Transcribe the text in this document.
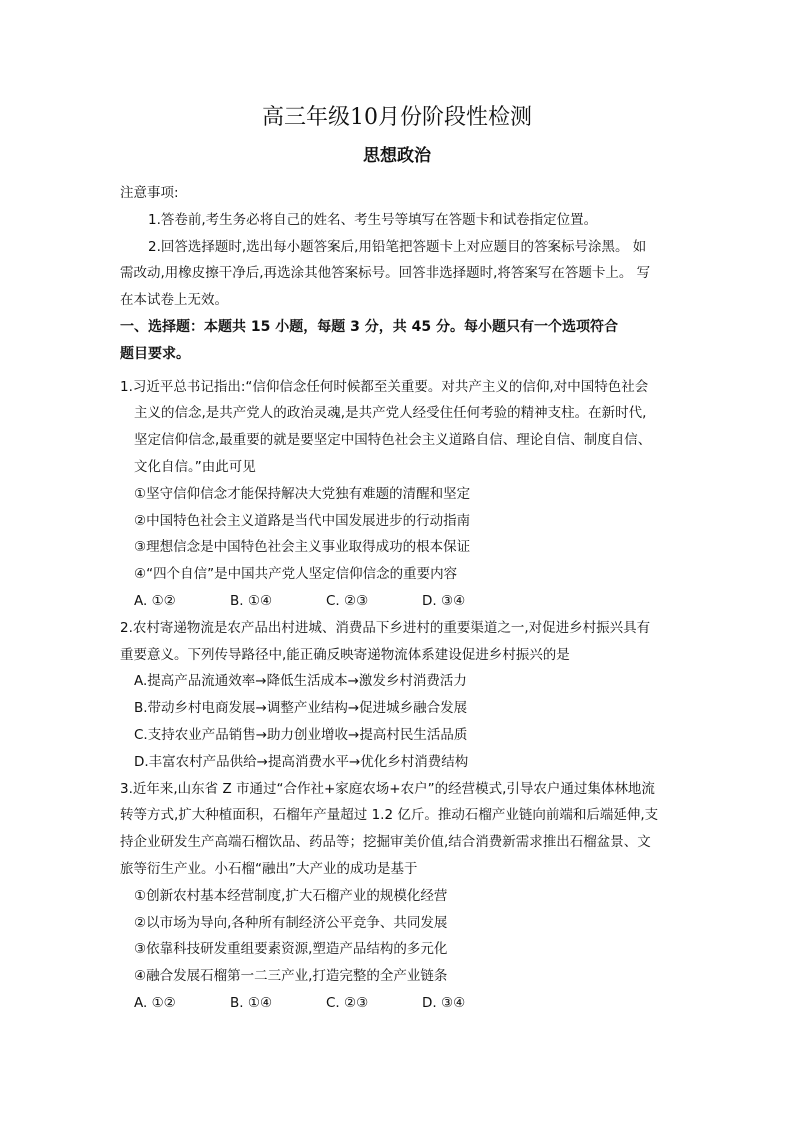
高三年级10月份阶段性检测
思想政治
注意事项:
1.答卷前,考生务必将自己的姓名、考生号等填写在答题卡和试卷指定位置。
2.回答选择题时,选出每小题答案后,用铅笔把答题卡上对应题目的答案标号涂黑。 如
需改动,用橡皮擦干净后,再选涂其他答案标号。回答非选择题时,将答案写在答题卡上。 写
在本试卷上无效。
一、选择题：本题共 15 小题，每题 3 分，共 45 分。每小题只有一个选项符合
题目要求。
1.习近平总书记指出:“信仰信念任何时候都至关重要。对共产主义的信仰,对中国特色社会
主义的信念,是共产党人的政治灵魂,是共产党人经受住任何考验的精神支柱。在新时代,
坚定信仰信念,最重要的就是要坚定中国特色社会主义道路自信、理论自信、制度自信、
文化自信。”由此可见
①坚守信仰信念才能保持解决大党独有难题的清醒和坚定
②中国特色社会主义道路是当代中国发展进步的行动指南
③理想信念是中国特色社会主义事业取得成功的根本保证
④“四个自信”是中国共产党人坚定信仰信念的重要内容
A. ①②	B. ①④	C. ②③	D. ③④
2.农村寄递物流是农产品出村进城、消费品下乡进村的重要渠道之一,对促进乡村振兴具有
重要意义。下列传导路径中,能正确反映寄递物流体系建设促进乡村振兴的是
A.提高产品流通效率→降低生活成本→激发乡村消费活力
B.带动乡村电商发展→调整产业结构→促进城乡融合发展
C.支持农业产品销售→助力创业增收→提高村民生活品质
D.丰富农村产品供给→提高消费水平→优化乡村消费结构
3.近年来,山东省 Z 市通过“合作社+家庭农场+农户”的经营模式,引导农户通过集体林地流
转等方式,扩大种植面积，石榴年产量超过 1.2 亿斤。推动石榴产业链向前端和后端延伸,支
持企业研发生产高端石榴饮品、药品等；挖掘审美价值,结合消费新需求推出石榴盆景、文
旅等衍生产业。小石榴“融出”大产业的成功是基于
①创新农村基本经营制度,扩大石榴产业的规模化经营
②以市场为导向,各种所有制经济公平竞争、共同发展
③依靠科技研发重组要素资源,塑造产品结构的多元化
④融合发展石榴第一二三产业,打造完整的全产业链条
A. ①②	B. ①④	C. ②③	D. ③④
